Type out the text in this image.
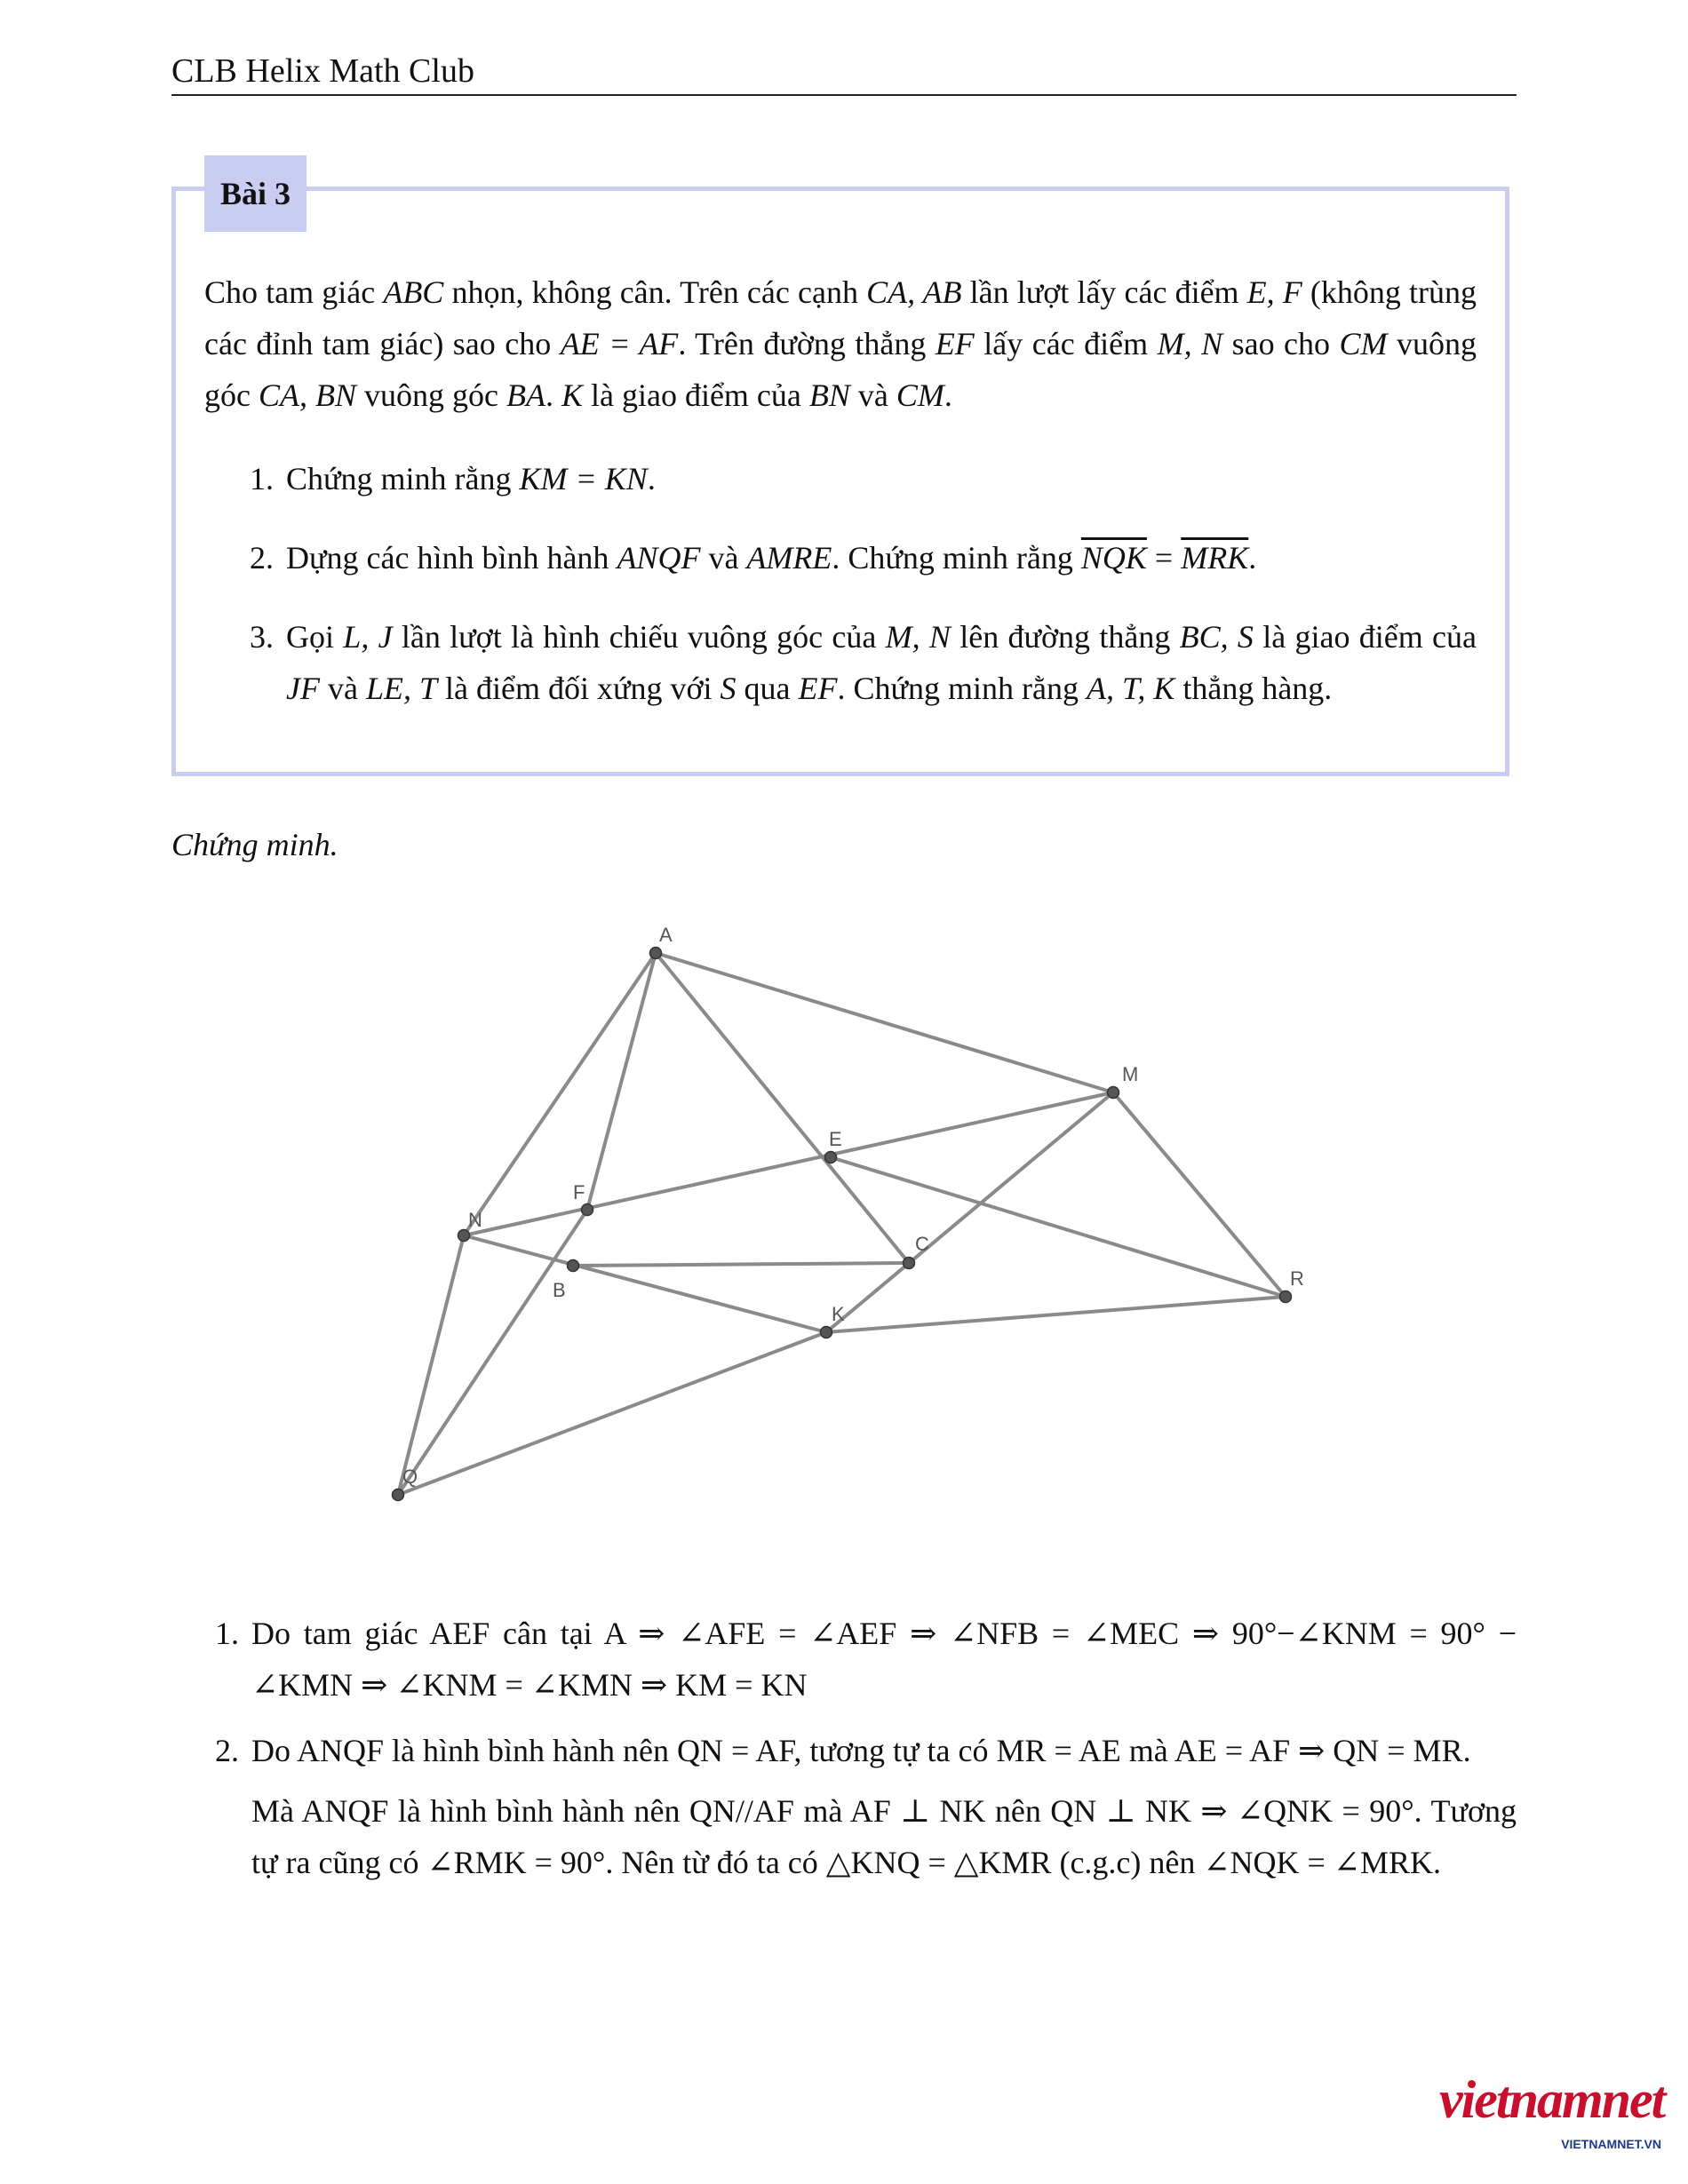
CLB Helix Math Club
Bài 3
Cho tam giác ABC nhọn, không cân. Trên các cạnh CA, AB lần lượt lấy các điểm E, F (không trùng các đỉnh tam giác) sao cho AE = AF. Trên đường thẳng EF lấy các điểm M, N sao cho CM vuông góc CA, BN vuông góc BA. K là giao điểm của BN và CM.
1. Chứng minh rằng KM = KN.
2. Dựng các hình bình hành ANQF và AMRE. Chứng minh rằng $\overline{NQK} = \overline{MRK}$.
3. Gọi L, J lần lượt là hình chiếu vuông góc của M, N lên đường thẳng BC, S là giao điểm của JF và LE, T là điểm đối xứng với S qua EF. Chứng minh rằng A, T, K thẳng hàng.
Chứng minh.
A
M
E
F
N
C
B
R
K
Q
1. Do tam giác AEF cân tại A ⇒ ∠AFE = ∠AEF ⇒ ∠NFB = ∠MEC ⇒ 90°−∠KNM = 90° − ∠KMN ⇒ ∠KNM = ∠KMN ⇒ KM = KN
2. Do ANQF là hình bình hành nên QN = AF, tương tự ta có MR = AE mà AE = AF ⇒ QN = MR.
Mà ANQF là hình bình hành nên QN//AF mà AF ⊥ NK nên QN ⊥ NK ⇒ ∠QNK = 90°. Tương tự ra cũng có ∠RMK = 90°. Nên từ đó ta có △KNQ = △KMR (c.g.c) nên ∠NQK = ∠MRK.
vietnamnet
VIETNAMNET.VN
